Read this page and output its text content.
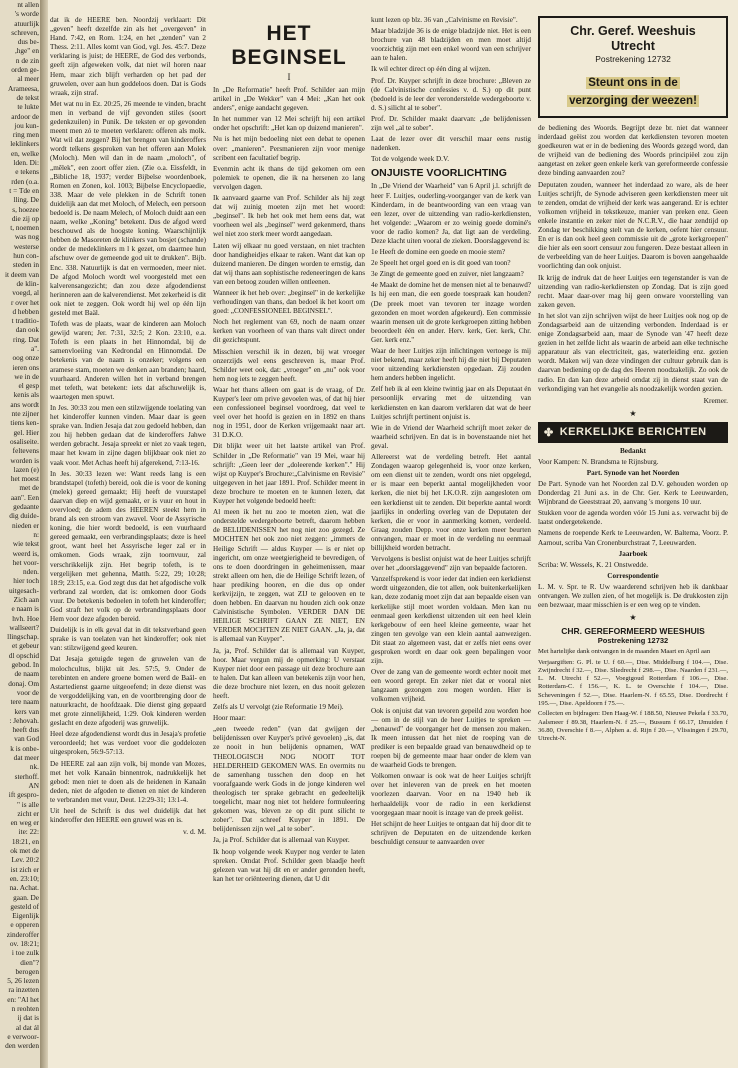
nt allen

's worde

atuurlijk

schreven,

dus be-

,hge" en

n de zin

orden ge-

al meer

Arameesa,

de tekst

te lukte

ardoor de

jou kun-

ring men

leklinkers

en, welke

lden. Di:

e tekens

rden (o.a.

t = Tde en

lling. De

s, hoezee

die zij op

t, noemen

was nog

westerse

hun con-

steden in

it deem van

de klin-

voegd, al

r over het

d hebben

t traditio-

dan ook

ring. Dat

a".

oog onze

ieren ons

we in de

el gesp

kenis als

ans wordt

nte zijner

tiens ken-

gel. Hier

osaliseite.

feltevens

worden is

lazen (e)

het moest

met de

aan". Een

gedaante

dig duide-

nieden er

n:

wie tekst

weerd is,

het voor-

nden.

hier toch

uitgesach-

Zich aan

e naam is

hvh. Hoe

wallseert?

llingschap.

et gebeur

dl opschid

gebod. In

de naam

donaj. Om

voor de

tere naam

kers van

: Jehovah.

heeft dus

van God

k is onbe-

dat meer

nk.

sterhoff.

AN

ift gespro-

" is alle

zicht er

en weg er

ite: 22:

18:21, en

ok met de

Lev. 20:2

ist zich er

en. 23:10;

na. Achat.

gaan. De

gesteld of

Eigenlijk

e opperen

zinderoffer

ov. 18:21;

i toe zulk

dien"?

berogen

5, 26 lezen

ra inzetten

en: "Al het

n reohten

ij dat is

al dat ál

e verwoor-

den werden

dat ik de HEERE ben. Noordzij verklaart: Dit „geven" heeft dezelfde zin als het „overgeven" in Hand. 7:42, en Rom. 1:24, en het „zenden" van 2 Thess. 2:11. Alles komt van God, vgl. Jes. 45:7. Deze verklaring is juist; de HEERE, de God des verbonds, geeft zijn afgeweken volk, dat niet wil horen naar Hem, maar zich blijft verharden op het pad der gruwelen, over aan hun goddeloos doen. Dat is Gods wraak, zijn straf.

Met wat nu in Ez. 20:25, 26 meende te vinden, bracht men in verband de vijf gevonden stiles (soort gedenkzuilen) in Punik. De teksten er op gevonden meent men zó te moeten verklaren: offeren als molk. Wat wil dat zeggen? Bij het brengen van kinderoffers wordt telkens gesproken van het offeren aan Molek (Moloch). Men wil dan in de naam „moloch", of „mêlek", een zoort offer zien. (Zie o.a. Eissfeldt, in „Bibliche 18, 1937; verder Bijbelse woordenboek, Romen en Zonen, kol. 1003; Bijbelse Encyclopaedie, 338. Maar de vele plekken in de Schrift tonen duidelijk aan dat met Moloch, of Melech, een persoon bedoeld is. De naam Melech, of Moloch duidt aan een naam, welke „Koning" betekent. Dus de afgod werd beschouwd als de hoogste koning. Waarschijnlijk hebben de Masoreten de klinkers van bosjet (schande) onder de medeklinkers m l k gezet, om daarmee hun afschuw over de gemeende god uit te drukken". Bijb. Enc. 338. Natuurlijk is dat en vermoeden, meer niet. De afgod Moloch wordt wel voorgesteld met een kalverensangezicht; dan zou deze afgodendienst herinneren aan de kalverendienst. Met zekerheid is dit ook niet te zeggen. Ook wordt hij wel op één lijn gesteld met Baäl.

Tofeth was de plaats, waar de kinderen aan Moloch gewijd waren; Jer. 7:31, 32:5; 2 Kon. 23:10, e.a. Tofeth is een plaats in het Hinnomdal, bij de samenvloeiing van Kedrondal en Hinnomdal. De betekenis van de naam is onzeker; volgens een aramese stam, moeten we denken aan branden; haard, vuurhaard. Anderen willen het in verband brengen met tefeth, wat betekent: iets dat afschuwelijk is, waartegen men spuwt.

In Jes. 30:33 zou men een stilzwijgende toelating van het kinderoffer kunnen vinden. Maar daar is geen sprake van. Indien Jesaja dat zou gedoeld hebben, dan zou hij hebben gedaan dat de kinderoffers Jahwe werden gebracht. Jesaja spreekt er niet zo vaak tegen, maar het kwam in zijne dagen blijkbaar ook niet zo vaak voor. Met Achas heeft hij afgerekend, 7:13-16.

In Jes. 30:33 lezen we: Want reeds lang is een brandstapel (tofeth) bereid, ook die is voor de koning (melek) gereed gemaakt; Hij heeft de vuurstapel daarvan diep en wijd gemaakt, er is vuur en hout in overvloed; de adem des HEEREN steekt hem in brand als een stroom van zwavel. Voor de Assyrische koning, die hier wordt bedoeld, is een vuurhaard gereed gemaakt, een verbrandingsplaats; deze is heel groot, want heel het Assyrische leger zal er in omkomen. Gods wraak, zijn toornvuur, zal verschrikkelijk zijn. Het begrip tofeth, is te vergelijken met gehenna, Matth. 5:22, 29; 10:28; 18:9; 23:15, e.a. God zegt dus dat het afgodische volk verbrand zal worden, dat is: omkomen door Gods vuur. De betekenis bedoelen in tofeth het kinderoffer; God straft het volk op de verbrandingsplaats door Hem voor deze afgoden bereid.

Duidelijk is in elk geval dat in dit tekstverband geen sprake is van toelaten van het kinderoffer; ook niet van: stilzwijgend geed keuren.

Dat Jesaja getuigde tegen de gruwelen van de molochcultus, blijkt uit Jes. 57:5, 9. Onder de terebinten en andere groene bomen werd de Baäl- en Astartedienst gaarne uitgeoefend; in deze dienst was de vergoddelijking van, en de voortbrenging door de natuurkracht, de hoofdzaak. Die dienst ging gepaard met grote zinnelijkheid, 1:29. Ook kinderen werden geslacht en deze afgoderij was gruwelijk.

Heel deze afgodendienst wordt dus in Jesaja's profetie veroordeeld; het was verdoet voor die goddelozen uitgesproken, 56:9-57:13.

De HEERE zal aan zijn volk, bij monde van Mozes, met het volk Kanaän binnentrok, nadrukkelijk het gebod: men niet te doen als de heidenen in Kanaän deden, niet de afgoden te dienen en niet de kinderen te verbranden met vuur, Deut. 12:29-31; 13:1-4.

Uit heel de Schrift is dus wel duidelijk dat het kinderoffer den HEERE een gruwel was en is.

v. d. M.
HET BEGINSEL
I

In „De Reformatie" heeft Prof. Schilder aan mijn artikel in „De Wekker" van 4 Mei: „Kan het ook anders", enige aandacht gegeven.

In het nummer van 12 Mei schrijft hij een artikel onder het opschrift: „Het kan op duizend manieren".

Nu is het mijn bedoeling niet een debat te openen over: „manieren". Persmanieren zijn voor menige scribent een facultatief begrip.

Evenmin acht ik thans de tijd gekomen om een polemiek te openen, die ik na hersenen zo lang vervolgen dagen.

Ik aanvaard gaarne van Prof. Schilder als hij zegt dat wij zuinig moeten zijn met het woord: „beginsel". Ik heb het ook met hem eens dat, wat voorheen wel als „beginsel" werd gekenmerd, thans wel niet zoo sterk meer wordt aangedaan.

Laten wij elkaar nu goed verstaan, en niet trachten door handigheidjes elkaar te raken. Want dat kan op duizend manieren. De dingen worden te ernstig, dan dat wij thans aan sophistische redeneeringen de kans van een betoog zouden willen ontleenen.

Wanneer ik het heb over: „beginsel" in de kerkelijke verhoudingen van thans, dan bedoel ik het koort om goed: „CONFESSIONEEL BEGINSEL".

Noch het reglement van 69, noch de naam onzer kerken van voorheen of van thans valt direct onder dit gezichtspunt.

Misschien verschil ik in dezen, bij wat vroeger onzerzijds wel eens geschreven is, maar Prof. Schilder weet ook, dat: „vroeger" en „nu" ook voor hem nog iets te zeggen heeft.

Waar het thans alleen om gaat is de vraag, of Dr. Kuyper's leer om prive gevoelen was, of dat hij hier een confessioneel beginsel voordroeg, dat veel te veel over het hoofd is gezien en in 1892 en thans nog in 1951, door de Kerken vrijgemaakt naar art. 31 D.K.O.

Dit blijkt weer uit het laatste artikel van Prof. Schilder in „De Reformatie" van 19 Mei, waar hij schrijft: „Geen leer der „doleerende kerken"." Hij wijst op Kuyper's Brochure:„Calvinisme en Revisie" uitgegeven in het jaar 1891. Prof. Schilder meent in deze brochure te moeten en te kunnen lezen, dat Kuyper het volgende bedoeld heeft:

Al meen ik het nu zoo te moeten zien, wat die onderstelde wedergeboorte betreft, daarom hebben de BELIJDENISSEN het nog niet zoo gezegd. Ze MOCHTEN het ook zoo niet zeggen: „immers de Heilige Schrift — aldus Kuyper — is er niet op ingericht, om onze weetgierigheid te bevredigen, of ons te doen doordringen in geheimenissen, maar strekt alleen om hen, die de Heilige Schrift lezen, of haar prediking hooren, en die dus op onder kerkvijzijn, te zeggen, wat ZIJ te gelooven en te doen hebben. En daarvan nu houden zich ook onze Calvinistische Symbolen. VERDER DAN DE HEILIGE SCHRIFT GAAN ZE NIET, EN VERDER MOCHTEN ZE NIET GAAN. „Ja, ja, dat is allemaal van Kuyper".

Ja, ja, Prof. Schilder dat is allemaal van Kuyper, hoor. Maar vergun mij de opmerking: U verstaat Kuyper niet door een passage uit deze brochure aan te halen. Dat kan alleen van betekenis zijn voor hen, die deze brochure niet lezen, en dus nooit gelezen heeft.

Zelfs als U vervolgt (zie Reformatie 19 Mei).

Hoor maar:

„een tweede reden" (van dat gwijgen der belijdenissen over Kuyper's privé gevoelen) „is, dat ze nooit in hun belijdenis opnamen, WAT THEOLOGISCH NOG NOOIT TOT HELDERHEID GEKOMEN WAS. En overmits nu de samenhang tusschen den doop en het voorafgaande werk Gods in de jonge kinderen wel theologisch ter sprake gebracht en gedeeltelijk toegelicht, maar nog niet tot heldere formuleering gekomen was, bleven ze op dit punt silicht te zober". Dat schreef Kuyper in 1891. De belijdenissen zijn wel „al te sober".

Ja, ja Prof. Schilder dat is allemaal van Kuyper.

Ik hoop volgende week Kuyper nog verder te laten spreken. Omdat Prof. Schilder geen blaadje heeft gelezen van wat hij dit en er ander geronden heeft, kan het ter oriënteering dienen, dat U dit

kunt lezen op blz. 36 van „Calvinisme en Revisie".

Maar bladzijde 36 is de enige bladzijde niet. Het is een brochure van 48 bladzijden en men moet altijd voorzichtig zijn met een enkel woord van een schrijver aan te halen.

Ik wil echter direct op één ding al wijzen.

Prof. Dr. Kuyper schrijft in deze brochure: „Bleven ze (de Calvinistische confessies v. d. S.) op dit punt (bedoeld is de leer der veronderstelde wedergeboorte v. d. S.) silicht al te sober".

Prof. Dr. Schilder maakt daarvan: „de belijdenissen zijn wel „al te sober".

Laat de lezer over dit verschil maar eens rustig nadenken.

Tot de volgende week D.V.

ONJUISTE VOORLICHTING

In „De Vriend der Waarheid" van 6 April j.l. schrijft de heer F. Luitjes, ouderling-voorganger van de kerk van Kinderdam, in de beantwoording van een vraag van een lezer, over de uitzending van radio-kerkdiensten, het volgende: „Waarom er zo weinig goede dominé's voor de radio komen? Ja, dat ligt aan de verdeling. Deze klacht uiten vooral de zieken. Doorslaggevend is:

1e Heeft de domine een goede en mooie stem?

2e Speelt het orgel goed en is dit goed van toon?

3e Zingt de gemeente goed en zuiver, niet langzaam?

4e Maakt de domine het de mensen niet al te benauwd? Is hij een man, die een goede toespraak kan houden? (De preek moet van tevoren ter inzage worden gezonden en moet worden afgekeurd). Een commissie waarin mensen uit de grote kerkgroepen zitting hebben beoordeelt één en ander. Herv. kerk, Ger. kerk, Chr. Ger. kerk enz."

Waar de heer Luitjes zijn inlichtingen vertoege is mij niet bekend, maar zeker heeft hij die niet bij Deputaten voor uitzending kerkdiensten opgedaan. Zij zouden hem anders hebben ingelicht.

Zelf heb ik al een kleine twintig jaar en als Deputaat én persoonlijk ervaring met de uitzending van kerkdiensten en kan daarom verklaren dat wat de heer Luitjes schrijft pertinent onjuist is.

Wie in de Vriend der Waarheid schrijft moet zeker de waarheid schrijven. En dat is in bovenstaande niet het geval.

Allereerst wat de verdeling betreft. Het aantal Zondagen waarop gelegenheid is, voor onze kerken, om een dienst uit te zenden, wordt ons niet opgelegd, er is maar een beperkt aantal mogelijkheden voor kerken, die niet bij het I.K.O.R. zijn aangesloten om een kerkdienst uit te zenden. Dit beperkte aantal wordt jaarlijks in onderling overleg van de Deputaten der kerken, die er voor in aanmerking komen, verdeeld. Graag zouden Depp. voor onze kerken meer beurten ontvangen, maar er moet in de verdeling nu eenmaal billijkheid worden betracht.

Vervolgens is beslist onjuist wat de heer Luitjes schrijft over het „doorslaggevend" zijn van bepaalde factoren.

Vanzelfsprekend is voor ieder dat indien een kerkdienst wordt uitgezonden, die tot allen, ook buitenkerkelijken kan, deze zodanig moet zijn dat aan bepaalde eisen van kerkelijke stijl moet worden voldaan. Men kan nu eenmaal geen kerkdienst uitzenden uit een heel klein kerkgebouw of een heel kleine gemeente, waar het zingen ten gevolge van een klein aantal aanwezigen. Dit staat zo algemeen vast, dat er zelfs niet eens over gesproken wordt en daar ook geen bepalingen voor zijn.

Over de zang van de gemeente wordt echter nooit met een woord gerept. En zeker niet dat er vooral niet langzaam gezongen zou mogen worden. Hier is volkomen vrijheid.

Ook is onjuist dat van tevoren gepeild zou worden hoe — om in de stijl van de heer Luitjes te spreken — „benauwd" de voorganger het de mensen zou maken. Ik meen intussen dat het niet de roeping van de prediker is een bepaalde graad van benauwdheid op te roepen bij de gemeente maar haar onder de klem van de waarheid Gods te brengen.

Volkomen onwaar is ook wat de heer Luitjes schrijft over het inleveren van de preek en het moeten voorlezen daarvan. Voor en na 1940 heb ik herhaaldelijk voor de radio in een kerkdienst voorgegaan maar nooit is inzage van de preek geëist.

Het schijnt de heer Luitjes te ontgaan dat hij door dit te schrijven de Deputaten en de uitzendende kerken beschuldigt censuur te aanvaarden over

Chr. Geref. Weeshuis
Utrecht
Postrekening 12732
Steunt ons in de
verzorging der weezen!

de bediening des Woords. Begrijpt deze br. niet dat wanneer inderdaad geëist zou worden dat kerkdiensten tevoren moeten goedkeuren wat er in de bediening des Woords gezegd word, dan de vrijheid van de bediening des Woords principiëel zou zijn aangetast en zeker geen enkele kerk van gereformeerde confessie deze binding aanvaarden zou?

Deputaten zouden, wanneer het inderdaad zo ware, als de heer Luitjes schrijft, de Synode adviseren geen kerkdiensten meer uit te zenden, omdat de vrijheid der kerk was aangerand. Er is echter volkomen vrijheid in tekstkeuze, manier van preken enz. Geen enkele instantie en zeker niet de N.C.R.V., die haar zendtijd op Zondag ter beschikking stelt van de kerken, oefent hier censuur. En er is dan ook heel geen commissie uit de „grote kerkgroepen" die hier als een soort censuur zou fungeren. Deze bestaat alleen in de verbeelding van de heer Luitjes. Daarom is boven aangehaalde voorlichting dan ook onjuist.

Ik krijg de indruk dat de heer Luitjes een tegenstander is van de uitzending van radio-kerkdiensten op Zondag. Dat is zijn goed recht. Maar daar-over mag hij geen onware voorstelling van zaken geven.

In het slot van zijn schrijven wijst de heer Luitjes ook nog op de Zondagsarbeid aan de uitzending verbonden. Inderdaad is er enige Zondagsarbeid aan, maar de Synode van '47 heeft deze gezien in het zelfde licht als waarin de arbeid aan elke technische apparatuur als van electriciteit, gas, waterleiding enz. gezien wordt. Maken wij van deze vindingen der cultuur gebruik dan is daarvan bediening op de dag des Heeren noodzakelijk. Zo ook de radio. En dan kan deze arbeid omdat zij in dienst staat van de verkondiging van het evangelie als noodzakelijk worden gezien.

Kremer.
★
✤ KERKELIJKE BERICHTEN

Bedankt

Voor Kampen: N. Brandsma te Rijnsburg.

Part. Synode van het Noorden

De Part. Synode van het Noorden zal D.V. gehouden worden op Donderdag 21 Juni a.s. in de Chr. Ger. Kerk te Leeuwarden, Wijnbrand de Geeststraat 20, aanvang 's morgens 10 uur.

Stukken voor de agenda worden vóór 15 Juni a.s. verwacht bij de laatst ondergetekende.

Namens de roepende Kerk te Leeuwarden, W. Baltema, Voorz. P. Aarnout, scriba Van Cronenburchstraat 7, Leeuwarden.

Jaarboek

Scriba: W. Wessels, K. 21 Onstwedde.

Correspondentie

L. M. v. Spr. te R. Uw waarderend schrijven heb ik dankbaar ontvangen. We zullen zien, of het mogelijk is. De drukkosten zijn een bezwaar, maar misschien is er een weg op te vinden.

★
CHR. GEREFORMEERD WEESHUIS
Postrekening 12732

Met hartelijke dank ontvangen in de maanden Maart en April aan

Verjaargiften: G. Pl. te U. f 60.—, Dise. Middelburg f 104.—, Dise. Zwijndrecht f 32.—, Dise. Sliedrecht f 298.—, Dise. Naarden f 231.—, L. M. Utrecht f 52.—, Voegtgoud Rotterdam f 106.—, Dise. Rotterdam-C. f 156.—, K. L. te Overschie f 104.—, Dise. Scheveningen f 52.—, Dise. Haarlem-N. f 65.55, Dise. Dordrecht f 195.—, Dise. Apeldoorn f 75.—.

Collecten en bijdragen: Den Haag-W. f 188.50, Nieuwe Pekela f 33.70, Aalsmeer f 89.38, Haarlem-N. f 25.—, Bussum f 66.17, IJmuiden f 36.80, Overschie f 8.—, Alphen a. d. Rijn f 20.—, Vlissingen f 29.70, Utrecht-N.
